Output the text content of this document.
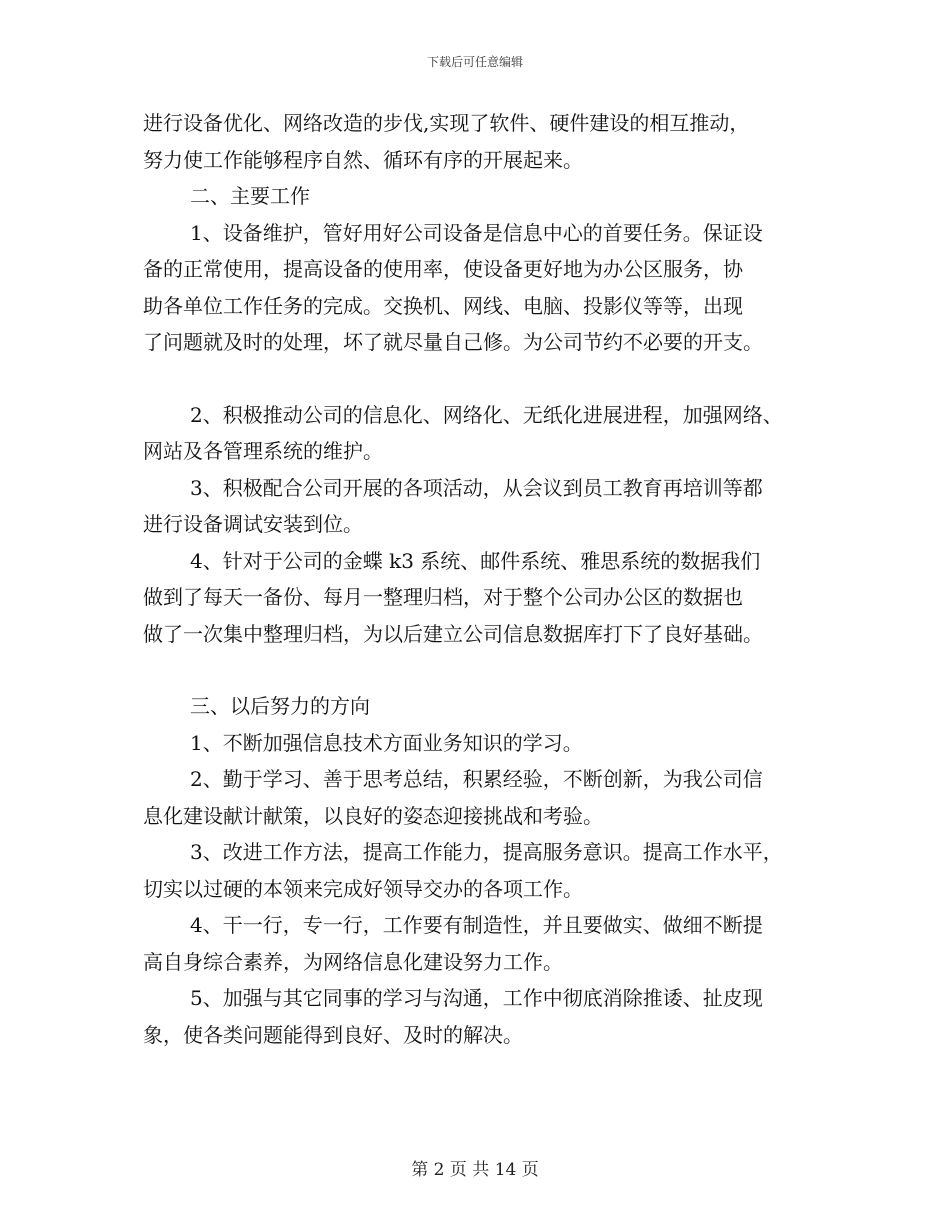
下载后可任意编辑
进行设备优化、网络改造的步伐,实现了软件、硬件建设的相互推动，
努力使工作能够程序自然、循环有序的开展起来。
二、主要工作
1、设备维护，管好用好公司设备是信息中心的首要任务。保证设
备的正常使用，提高设备的使用率，使设备更好地为办公区服务，协
助各单位工作任务的完成。交换机、网线、电脑、投影仪等等，出现
了问题就及时的处理，坏了就尽量自己修。为公司节约不必要的开支。
2、积极推动公司的信息化、网络化、无纸化进展进程，加强网络、
网站及各管理系统的维护。
3、积极配合公司开展的各项活动，从会议到员工教育再培训等都
进行设备调试安装到位。
4、针对于公司的金蝶 k3 系统、邮件系统、雅思系统的数据我们
做到了每天一备份、每月一整理归档，对于整个公司办公区的数据也
做了一次集中整理归档，为以后建立公司信息数据库打下了良好基础。
三、以后努力的方向
1、不断加强信息技术方面业务知识的学习。
2、勤于学习、善于思考总结，积累经验，不断创新，为我公司信
息化建设献计献策，以良好的姿态迎接挑战和考验。
3、改进工作方法，提高工作能力，提高服务意识。提高工作水平，
切实以过硬的本领来完成好领导交办的各项工作。
4、干一行，专一行，工作要有制造性，并且要做实、做细不断提
高自身综合素养，为网络信息化建设努力工作。
5、加强与其它同事的学习与沟通，工作中彻底消除推诿、扯皮现
象，使各类问题能得到良好、及时的解决。
第 2 页 共 14 页
